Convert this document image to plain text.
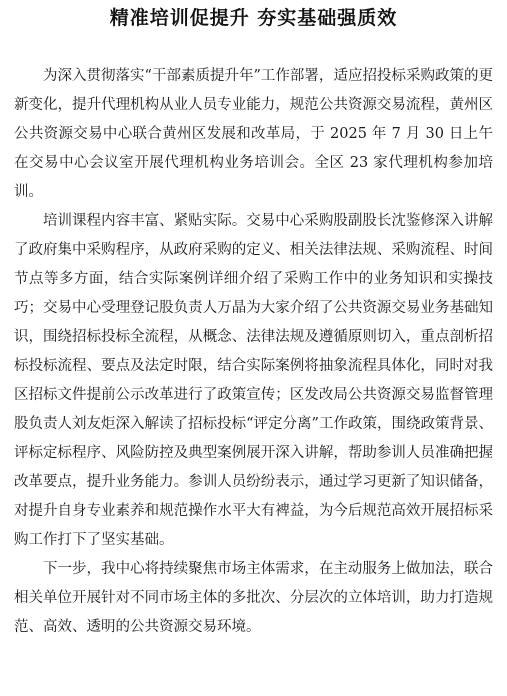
精准培训促提升 夯实基础强质效

为深入贯彻落实“干部素质提升年”工作部署，适应招投标采购政策的更新变化，提升代理机构从业人员专业能力，规范公共资源交易流程，黄州区公共资源交易中心联合黄州区发展和改革局，于 2025 年 7 月 30 日上午在交易中心会议室开展代理机构业务培训会。全区 23 家代理机构参加培训。

培训课程内容丰富、紧贴实际。交易中心采购股副股长沈鉴修深入讲解了政府集中采购程序，从政府采购的定义、相关法律法规、采购流程、时间节点等多方面，结合实际案例详细介绍了采购工作中的业务知识和实操技巧；交易中心受理登记股负责人万晶为大家介绍了公共资源交易业务基础知识，围绕招标投标全流程，从概念、法律法规及遵循原则切入，重点剖析招标投标流程、要点及法定时限，结合实际案例将抽象流程具体化，同时对我区招标文件提前公示改革进行了政策宣传；区发改局公共资源交易监督管理股负责人刘友炬深入解读了招标投标“评定分离”工作政策，围绕政策背景、评标定标程序、风险防控及典型案例展开深入讲解，帮助参训人员准确把握改革要点，提升业务能力。参训人员纷纷表示，通过学习更新了知识储备，对提升自身专业素养和规范操作水平大有裨益，为今后规范高效开展招标采购工作打下了坚实基础。

下一步，我中心将持续聚焦市场主体需求，在主动服务上做加法，联合相关单位开展针对不同市场主体的多批次、分层次的立体培训，助力打造规范、高效、透明的公共资源交易环境。
